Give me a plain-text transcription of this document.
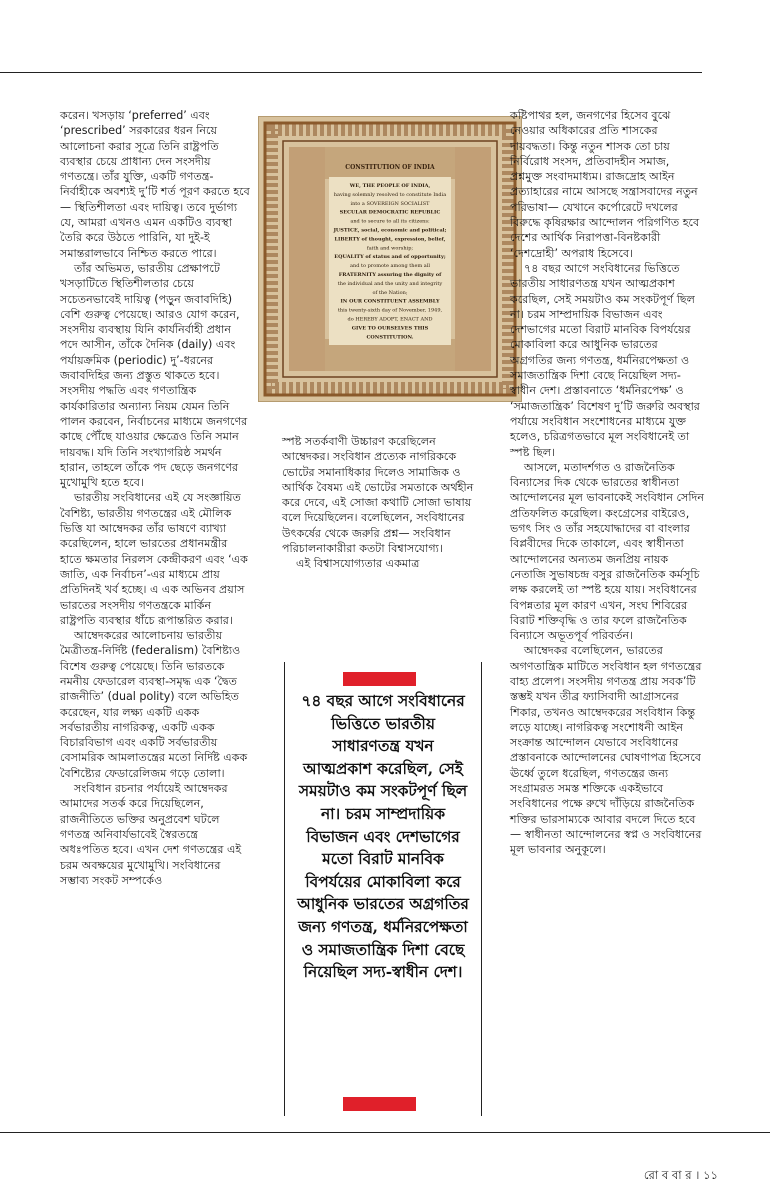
করেন। খসড়ায় ‘preferred’ এবং ‘prescribed’ সরকারের ধরন নিয়ে আলোচনা করার সূত্রে তিনি রাষ্ট্রপতি ব্যবস্থার চেয়ে প্রাধান্য দেন সংসদীয় গণতন্ত্রে। তাঁর যুক্তি, একটি গণতন্ত্র-নির্বাহীকে অবশ্যই দু’টি শর্ত পূরণ করতে হবে— স্থিতিশীলতা এবং দায়িত্ব। তবে দুর্ভাগ্য যে, আমরা এখনও এমন একটিও ব্যবস্থা তৈরি করে উঠতে পারিনি, যা দুই-ই সমান্তরালভাবে নিশ্চিত করতে পারে।

তাঁর অভিমত, ভারতীয় প্রেক্ষাপটে খসড়াটিতে স্থিতিশীলতার চেয়ে সচেতনভাবেই দায়িত্ব (পড়ুন জবাবদিহি) বেশি গুরুত্ব পেয়েছে। আরও যোগ করেন, সংসদীয় ব্যবস্থায় যিনি কার্যনির্বাহী প্রধান পদে আসীন, তাঁকে দৈনিক (daily) এবং পর্যায়ক্রমিক (periodic) দু’-ধরনের জবাবদিহির জন্য প্রস্তুত থাকতে হবে। সংসদীয় পদ্ধতি এবং গণতান্ত্রিক কার্যকারিতার অন্যান্য নিয়ম যেমন তিনি পালন করবেন, নির্বাচনের মাধ্যমে জনগণের কাছে পৌঁছে যাওয়ার ক্ষেত্রেও তিনি সমান দায়বদ্ধ। যদি তিনি সংখ্যাগরিষ্ঠ সমর্থন হারান, তাহলে তাঁকে পদ ছেড়ে জনগণের মুখোমুখি হতে হবে।

ভারতীয় সংবিধানের এই যে সংজ্ঞায়িত বৈশিষ্ট্য, ভারতীয় গণতন্ত্রের এই মৌলিক ভিত্তি যা আম্বেদকর তাঁর ভাষণে ব্যাখ্যা করেছিলেন, হালে ভারতের প্রধানমন্ত্রীর হাতে ক্ষমতার নিরলস কেন্দ্রীকরণ এবং ‘এক জাতি, এক নির্বাচন’-এর মাধ্যমে প্রায় প্রতিদিনই খর্ব হচ্ছে। এ এক অভিনব প্রয়াস ভারতের সংসদীয় গণতন্ত্রকে মার্কিন রাষ্ট্রপতি ব্যবস্থার ধাঁচে রূপান্তরিত করার।

আম্বেদকরের আলোচনায় ভারতীয় মৈত্রীতন্ত্র-নির্দিষ্ট (federalism) বৈশিষ্ট্যও বিশেষ গুরুত্ব পেয়েছে। তিনি ভারতকে নমনীয় ফেডারেল ব্যবস্থা-সমৃদ্ধ এক ‘দ্বৈত রাজনীতি’ (dual polity) বলে অভিহিত করেছেন, যার লক্ষ্য একটি একক সর্বভারতীয় নাগরিকত্ব, একটি একক বিচারবিভাগ এবং একটি সর্বভারতীয় বেসামরিক আমলাতন্ত্রের মতো নির্দিষ্ট একক বৈশিষ্ট্যের ফেডারেলিজম গড়ে তোলা।

সংবিধান রচনার পর্যায়েই আম্বেদকর আমাদের সতর্ক করে দিয়েছিলেন, রাজনীতিতে ভক্তির অনুপ্রবেশ ঘটলে গণতন্ত্র অনিবার্যভাবেই স্বৈরতন্ত্রে অধঃপতিত হবে। এখন দেশ গণতন্ত্রের এই চরম অবক্ষয়ের মুখোমুখি। সংবিধানের সম্ভাব্য সংকট সম্পর্কেও

CONSTITUTION OF INDIA
WE, THE PEOPLE OF INDIA,
having solemnly resolved to constitute India
into a SOVEREIGN SOCIALIST
SECULAR DEMOCRATIC REPUBLIC
and to secure to all its citizens:
JUSTICE, social, economic and political;
LIBERTY of thought, expression, belief,
faith and worship;
EQUALITY of status and of opportunity;
and to promote among them all
FRATERNITY assuring the dignity of
the individual and the unity and integrity
of the Nation;
IN OUR CONSTITUENT ASSEMBLY
this twenty-sixth day of November, 1949,
do HEREBY ADOPT, ENACT AND
GIVE TO OURSELVES THIS
CONSTITUTION.

স্পষ্ট সতর্কবাণী উচ্চারণ করেছিলেন আম্বেদকর। সংবিধান প্রত্যেক নাগরিককে ভোটের সমানাধিকার দিলেও সামাজিক ও আর্থিক বৈষম্য এই ভোটের সমতাকে অর্থহীন করে দেবে, এই সোজা কথাটি সোজা ভাষায় বলে দিয়েছিলেন। বলেছিলেন, সংবিধানের উৎকর্ষের থেকে জরুরি প্রশ্ন— সংবিধান পরিচালনাকারীরা কতটা বিশ্বাসযোগ্য।

এই বিশ্বাসযোগ্যতার একমাত্র

৭৪ বছর আগে সংবিধানের ভিত্তিতে ভারতীয় সাধারণতন্ত্র যখন আত্মপ্রকাশ করেছিল, সেই সময়টাও কম সংকটপূর্ণ ছিল না। চরম সাম্প্রদায়িক বিভাজন এবং দেশভাগের মতো বিরাট মানবিক বিপর্যয়ের মোকাবিলা করে আধুনিক ভারতের অগ্রগতির জন্য গণতন্ত্র, ধর্মনিরপেক্ষতা ও সমাজতান্ত্রিক দিশা বেছে নিয়েছিল সদ্য-স্বাধীন দেশ।

কষ্টিপাথর হল, জনগণের হিসেব বুঝে নেওয়ার অধিকারের প্রতি শাসকের দায়বদ্ধতা। কিন্তু নতুন শাসক তো চায় নির্বিরোধ সংসদ, প্রতিবাদহীন সমাজ, প্রশ্নমুক্ত সংবাদমাধ্যম। রাজদ্রোহ আইন প্রত্যাহারের নামে আসছে সন্ত্রাসবাদের নতুন পরিভাষা— যেখানে কর্পোরেটে দখলের বিরুদ্ধে কৃষিরক্ষার আন্দোলন পরিগণিত হবে দেশের আর্থিক নিরাপত্তা-বিনষ্টকারী ‘দেশদ্রোহী’ অপরাধ হিসেবে।

৭৪ বছর আগে সংবিধানের ভিত্তিতে ভারতীয় সাধারণতন্ত্র যখন আত্মপ্রকাশ করেছিল, সেই সময়টাও কম সংকটপূর্ণ ছিল না। চরম সাম্প্রদায়িক বিভাজন এবং দেশভাগের মতো বিরাট মানবিক বিপর্যয়ের মোকাবিলা করে আধুনিক ভারতের অগ্রগতির জন্য গণতন্ত্র, ধর্মনিরপেক্ষতা ও সমাজতান্ত্রিক দিশা বেছে নিয়েছিল সদ্য-স্বাধীন দেশ। প্রস্তাবনাতে ‘ধর্মনিরপেক্ষ’ ও ‘সমাজতান্ত্রিক’ বিশেষণ দু’টি জরুরি অবস্থার পর্যায়ে সংবিধান সংশোধনের মাধ্যমে যুক্ত হলেও, চরিত্রগতভাবে মূল সংবিধানেই তা স্পষ্ট ছিল।

আসলে, মতাদর্শগত ও রাজনৈতিক বিন্যাসের দিক থেকে ভারতের স্বাধীনতা আন্দোলনের মূল ভাবনাকেই সংবিধান সেদিন প্রতিফলিত করেছিল। কংগ্রেসের বাইরেও, ভগৎ সিং ও তাঁর সহযোদ্ধাদের বা বাংলার বিপ্লবীদের দিকে তাকালে, এবং স্বাধীনতা আন্দোলনের অন্যতম জনপ্রিয় নায়ক নেতাজি সুভাষচন্দ্র বসুর রাজনৈতিক কর্মসূচি লক্ষ করলেই তা স্পষ্ট হয়ে যায়। সংবিধানের বিপন্নতার মূল কারণ এখন, সংঘ শিবিরের বিরাট শক্তিবৃদ্ধি ও তার ফলে রাজনৈতিক বিন্যাসে অভূতপূর্ব পরিবর্তন।

আম্বেদকর বলেছিলেন, ভারতের অগণতান্ত্রিক মাটিতে সংবিধান হল গণতন্ত্রের বাহ্য প্রলেপ। সংসদীয় গণতন্ত্র প্রায় সবক’টি স্তম্ভই যখন তীব্র ফ্যাসিবাদী আগ্রাসনের শিকার, তখনও আম্বেদকরের সংবিধান কিন্তু লড়ে যাচ্ছে। নাগরিকত্ব সংশোধনী আইন সংক্রান্ত আন্দোলন যেভাবে সংবিধানের প্রস্তাবনাকে আন্দোলনের ঘোষণাপত্র হিসেবে ঊর্ধ্বে তুলে ধরেছিল, গণতন্ত্রের জন্য সংগ্রামরত সমস্ত শক্তিকে একইভাবে সংবিধানের পক্ষে রুখে দাঁড়িয়ে রাজনৈতিক শক্তির ভারসাম্যকে আবার বদলে দিতে হবে— স্বাধীনতা আন্দোলনের স্বপ্ন ও সংবিধানের মূল ভাবনার অনুকূলে।

রো ব বা র । ১১
